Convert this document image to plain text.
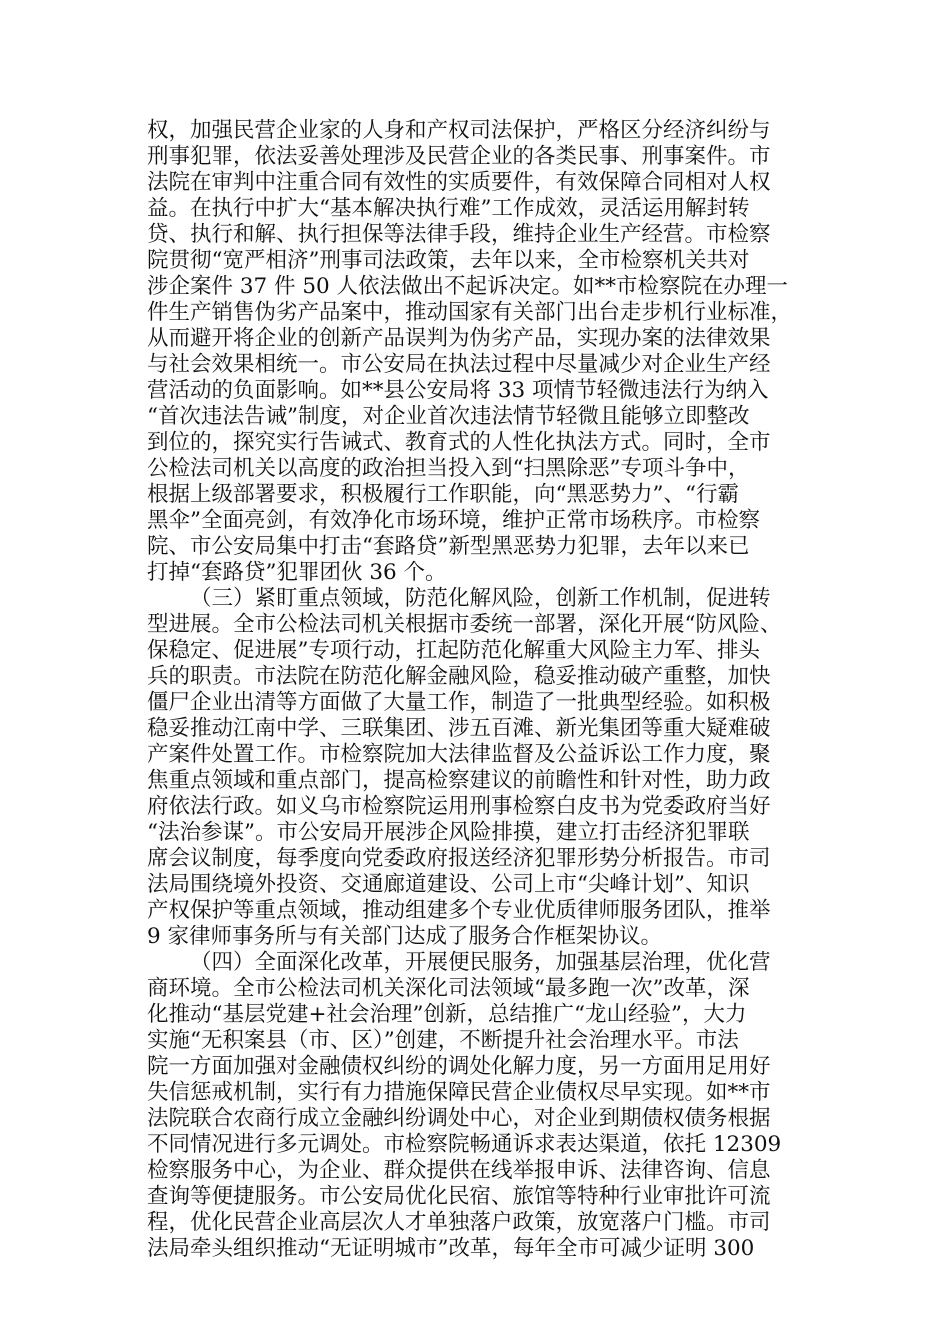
权，加强民营企业家的人身和产权司法保护，严格区分经济纠纷与
刑事犯罪，依法妥善处理涉及民营企业的各类民事、刑事案件。市
法院在审判中注重合同有效性的实质要件，有效保障合同相对人权
益。在执行中扩大“基本解决执行难”工作成效，灵活运用解封转
贷、执行和解、执行担保等法律手段，维持企业生产经营。市检察
院贯彻“宽严相济”刑事司法政策，去年以来，全市检察机关共对
涉企案件 37 件 50 人依法做出不起诉决定。如**市检察院在办理一
件生产销售伪劣产品案中，推动国家有关部门出台走步机行业标准，
从而避开将企业的创新产品误判为伪劣产品，实现办案的法律效果
与社会效果相统一。市公安局在执法过程中尽量减少对企业生产经
营活动的负面影响。如**县公安局将 33 项情节轻微违法行为纳入
“首次违法告诫”制度，对企业首次违法情节轻微且能够立即整改
到位的，探究实行告诫式、教育式的人性化执法方式。同时，全市
公检法司机关以高度的政治担当投入到“扫黑除恶”专项斗争中，
根据上级部署要求，积极履行工作职能，向“黑恶势力”、“行霸
黑伞”全面亮剑，有效净化市场环境，维护正常市场秩序。市检察
院、市公安局集中打击“套路贷”新型黑恶势力犯罪，去年以来已
打掉“套路贷”犯罪团伙 36 个。
（三）紧盯重点领域，防范化解风险，创新工作机制，促进转
型进展。全市公检法司机关根据市委统一部署，深化开展“防风险、
保稳定、促进展”专项行动，扛起防范化解重大风险主力军、排头
兵的职责。市法院在防范化解金融风险，稳妥推动破产重整，加快
僵尸企业出清等方面做了大量工作，制造了一批典型经验。如积极
稳妥推动江南中学、三联集团、涉五百滩、新光集团等重大疑难破
产案件处置工作。市检察院加大法律监督及公益诉讼工作力度，聚
焦重点领域和重点部门，提高检察建议的前瞻性和针对性，助力政
府依法行政。如义乌市检察院运用刑事检察白皮书为党委政府当好
“法治参谋”。市公安局开展涉企风险排摸，建立打击经济犯罪联
席会议制度，每季度向党委政府报送经济犯罪形势分析报告。市司
法局围绕境外投资、交通廊道建设、公司上市“尖峰计划”、知识
产权保护等重点领域，推动组建多个专业优质律师服务团队，推举
9 家律师事务所与有关部门达成了服务合作框架协议。
（四）全面深化改革，开展便民服务，加强基层治理，优化营
商环境。全市公检法司机关深化司法领域“最多跑一次”改革，深
化推动“基层党建+社会治理”创新，总结推广“龙山经验”，大力
实施“无积案县（市、区）”创建，不断提升社会治理水平。市法
院一方面加强对金融债权纠纷的调处化解力度，另一方面用足用好
失信惩戒机制，实行有力措施保障民营企业债权尽早实现。如**市
法院联合农商行成立金融纠纷调处中心，对企业到期债权债务根据
不同情况进行多元调处。市检察院畅通诉求表达渠道，依托 12309
检察服务中心，为企业、群众提供在线举报申诉、法律咨询、信息
查询等便捷服务。市公安局优化民宿、旅馆等特种行业审批许可流
程，优化民营企业高层次人才单独落户政策，放宽落户门槛。市司
法局牵头组织推动“无证明城市”改革，每年全市可减少证明 300
